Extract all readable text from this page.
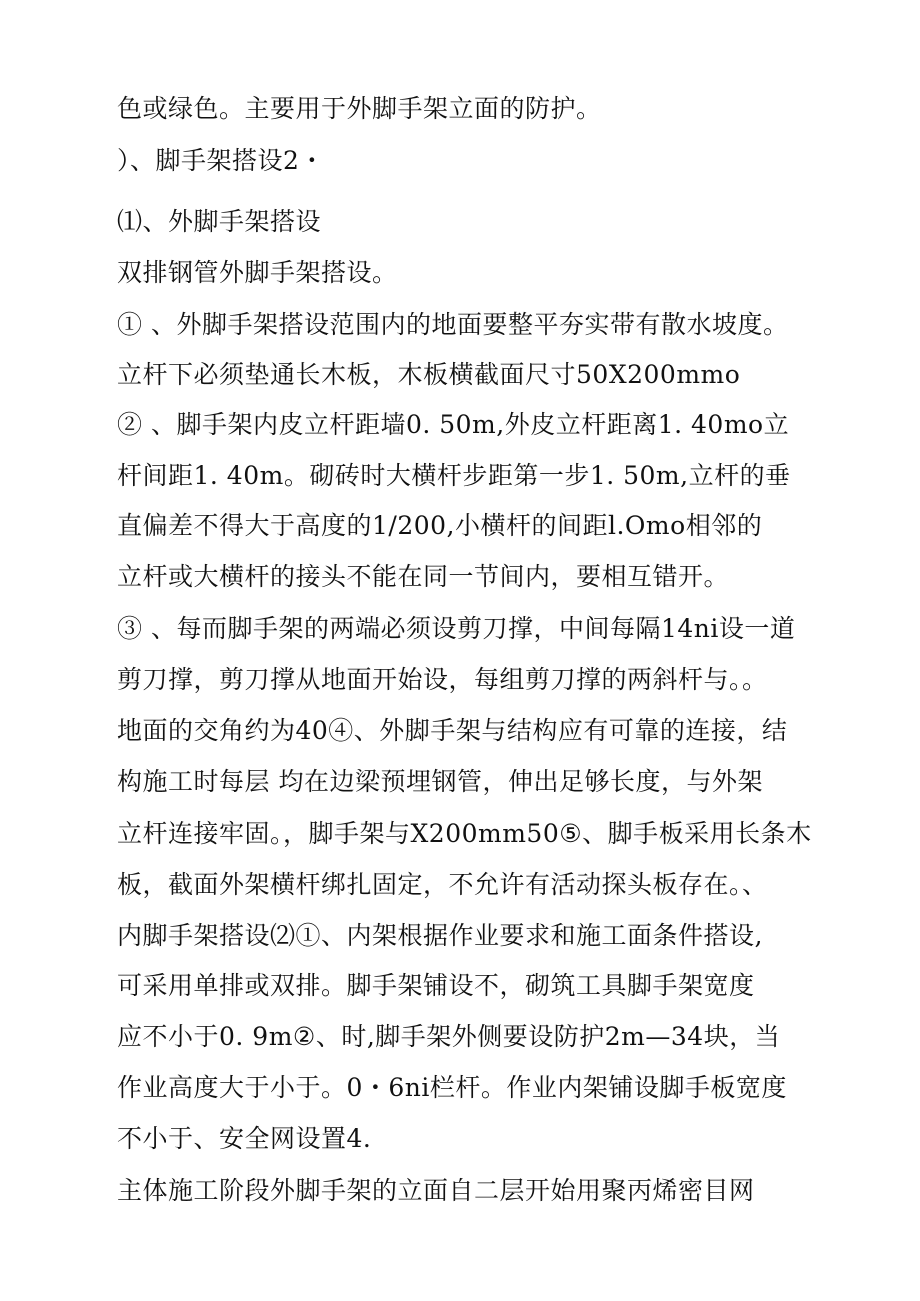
色或绿色。主要用于外脚手架立面的防护。
）、脚手架搭设2・
⑴、外脚手架搭设
双排钢管外脚手架搭设。
① 、外脚手架搭设范围内的地面要整平夯实带有散水坡度。
立杆下必须垫通长木板，木板横截面尺寸50X200mmo
② 、脚手架内皮立杆距墙0. 50m,外皮立杆距离1. 40mo立
杆间距1. 40m。砌砖时大横杆步距第一步1. 50m,立杆的垂
直偏差不得大于高度的1/200,小横杆的间距l.Omo相邻的
立杆或大横杆的接头不能在同一节间内，要相互错开。
③ 、每而脚手架的两端必须设剪刀撑，中间每隔14ni设一道
剪刀撑，剪刀撑从地面开始设，每组剪刀撑的两斜杆与。。
地面的交角约为40④、外脚手架与结构应有可靠的连接，结
构施工时每层 均在边梁预埋钢管，伸出足够长度，与外架
立杆连接牢固。，脚手架与X200mm50⑤、脚手板采用长条木
板，截面外架横杆绑扎固定，不允许有活动探头板存在。、
内脚手架搭设⑵①、内架根据作业要求和施工面条件搭设,
可采用单排或双排。脚手架铺设不，砌筑工具脚手架宽度
应不小于0. 9m②、时,脚手架外侧要设防护2m—34块，当
作业高度大于小于。0・6ni栏杆。作业内架铺设脚手板宽度
不小于、安全网设置4.
主体施工阶段外脚手架的立面自二层开始用聚丙烯密目网
